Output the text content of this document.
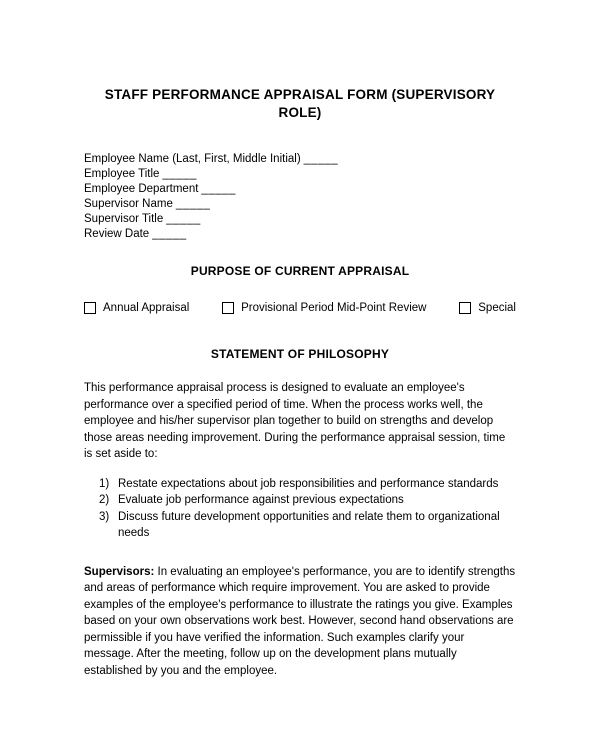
STAFF PERFORMANCE APPRAISAL FORM (SUPERVISORY ROLE)
Employee Name (Last, First, Middle Initial) _____
Employee Title _____
Employee Department _____
Supervisor Name _____
Supervisor Title _____
Review Date _____
PURPOSE OF CURRENT APPRAISAL
Annual Appraisal	Provisional Period Mid-Point Review	Special
STATEMENT OF PHILOSOPHY

This performance appraisal process is designed to evaluate an employee's performance over a specified period of time. When the process works well, the employee and his/her supervisor plan together to build on strengths and develop those areas needing improvement. During the performance appraisal session, time is set aside to:

1) Restate expectations about job responsibilities and performance standards
2) Evaluate job performance against previous expectations
3) Discuss future development opportunities and relate them to organizational needs

Supervisors: In evaluating an employee's performance, you are to identify strengths and areas of performance which require improvement. You are asked to provide examples of the employee's performance to illustrate the ratings you give. Examples based on your own observations work best. However, second hand observations are permissible if you have verified the information. Such examples clarify your message. After the meeting, follow up on the development plans mutually established by you and the employee.
